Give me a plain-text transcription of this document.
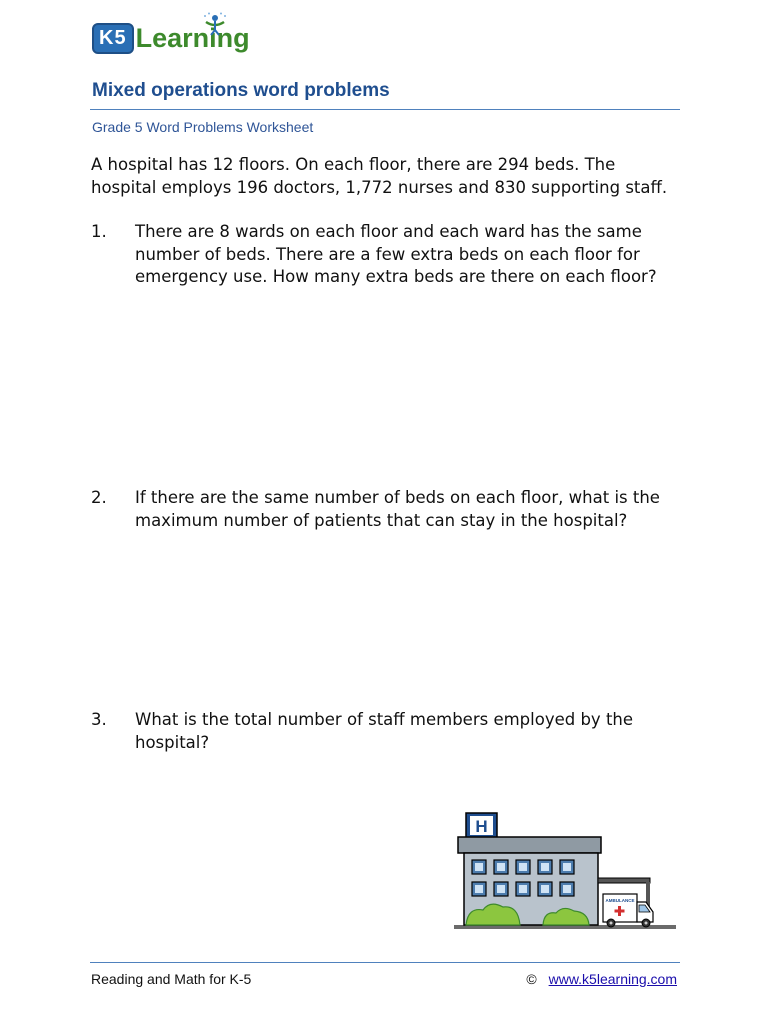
K5 Learning
Mixed operations word problems
Grade 5 Word Problems Worksheet

A hospital has 12 floors. On each floor, there are 294 beds. The hospital employs 196 doctors, 1,772 nurses and 830 supporting staff.

1. There are 8 wards on each floor and each ward has the same number of beds. There are a few extra beds on each floor for emergency use. How many extra beds are there on each floor?
2. If there are the same number of beds on each floor, what is the maximum number of patients that can stay in the hospital?
3. What is the total number of staff members employed by the hospital?
H
AMBULANCE
Reading and Math for K-5	© www.k5learning.com
